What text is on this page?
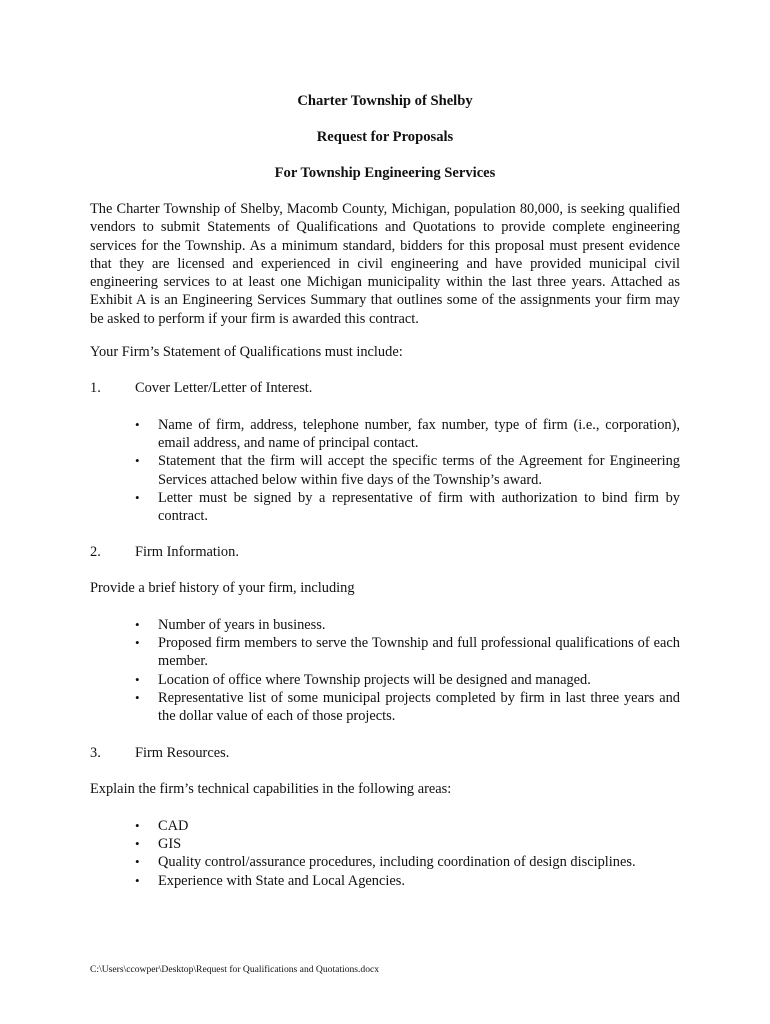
Charter Township of Shelby
Request for Proposals
For Township Engineering Services

The Charter Township of Shelby, Macomb County, Michigan, population 80,000, is seeking qualified vendors to submit Statements of Qualifications and Quotations to provide complete engineering services for the Township. As a minimum standard, bidders for this proposal must present evidence that they are licensed and experienced in civil engineering and have provided municipal civil engineering services to at least one Michigan municipality within the last three years. Attached as Exhibit A is an Engineering Services Summary that outlines some of the assignments your firm may be asked to perform if your firm is awarded this contract.

Your Firm’s Statement of Qualifications must include:
1. Cover Letter/Letter of Interest.
• Name of firm, address, telephone number, fax number, type of firm (i.e., corporation), email address, and name of principal contact.
• Statement that the firm will accept the specific terms of the Agreement for Engineering Services attached below within five days of the Township’s award.
• Letter must be signed by a representative of firm with authorization to bind firm by contract.
2. Firm Information.
Provide a brief history of your firm, including
• Number of years in business.
• Proposed firm members to serve the Township and full professional qualifications of each member.
• Location of office where Township projects will be designed and managed.
• Representative list of some municipal projects completed by firm in last three years and the dollar value of each of those projects.
3. Firm Resources.
Explain the firm’s technical capabilities in the following areas:
• CAD
• GIS
• Quality control/assurance procedures, including coordination of design disciplines.
• Experience with State and Local Agencies.
C:\Users\ccowper\Desktop\Request for Qualifications and Quotations.docx
